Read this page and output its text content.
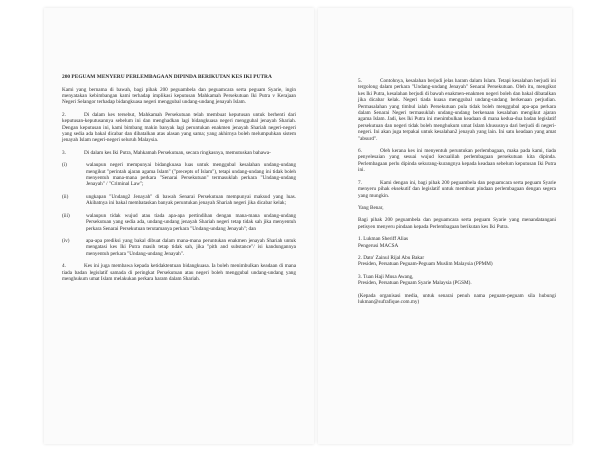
200 PEGUAM MENYERU PERLEMBAGAAN DIPINDA BERIKUTAN KES IKI PUTRA

Kami yang bernama di bawah, bagi pihak 200 peguambela dan peguamcara serta peguam Syarie, ingin menyatakan kebimbangan kami terhadap implikasi keputusan Mahkamah Persekutuan Iki Putra v Kerajaan Negeri Selangor terhadap bidangkuasa negeri menggubal undang-undang jenayah Islam.

2.	Di dalam kes tersebut, Mahkamah Persekutuan telah membuat keputusan untuk berhenti dari keputusan-keputusannya sebelum ini dan menghadkan lagi bidangkuasa negeri menggubal jenayah Shariah. Dengan keputusan ini, kami bimbang makin banyak lagi peruntukan enakmen jenayah Shariah negeri-negeri yang sedia ada bakal dicabar dan dibatalkan atas alasan yang sama; yang akhirnya boleh melumpuhkan sistem jenayah Islam negeri-negeri seluruh Malaysia.

3.	Di dalam kes Iki Putra, Mahkamah Persekutuan, secara ringkasnya, memutuskan bahawa-

(i)	walaupun negeri mempunyai bidangkuasa luas untuk menggubal kesalahan undang-undang mengikut "perintah ajaran agama Islam" ("precepts of Islam"), tetapi undang-undang ini tidak boleh menyentuh mana-mana perkara "Senarai Persekutuan" termasuklah perkara "Undang-undang Jenayah" / "Criminal Law";
(ii)	ungkapan "Undang2 Jenayah" di bawah Senarai Persekutuan mempunyai maksud yang luas. Akibatnya ini bakal membataskan banyak peruntukan jenayah Shariah negeri jika dicabar kelak;
(iii)	walaupun tidak wujud atau tiada apa-apa pertindihan dengan mana-mana undang-undang Persekutuan yang sedia ada, undang-undang jenayah Shariah negeri tetap tidak sah jika menyentuh perkara Senarai Persekutuan terutamanya perkara "Undang-undang Jenayah"; dan
(iv)	apa-apa prediksi yang bakal dibuat dalam mana-mana peruntukan enakmen jenayah Shariah untuk mengatasi kes Iki Putra masih tetap tidak sah, jika "pith and substance"/ isi kandungannya menyentuh perkara "Undang-undang Jenayah".

4.	Kes ini juga membawa kepada ketidaktentuan bidangkuasa. Ia boleh menimbulkan keadaan di mana tiada badan legislatif samada di peringkat Persekutuan atau negeri boleh menggubal undang-undang yang menghukum umat Islam melakukan perkara haram dalam Shariah.

5.	Contohnya, kesalahan berjudi jelas haram dalam Islam. Tetapi kesalahan berjudi ini tergolong dalam perkara "Undang-undang Jenayah" Senarai Persekutuan. Oleh itu, mengikut kes Iki Putra, kesalahan berjudi di bawah enakmen-enakmen negeri boleh dan bakal dibatalkan jika dicabar kelak. Negeri tiada kuasa menggubal undang-undang berkenaan perjudian. Permasalahan yang timbul ialah Persekutuan pula tidak boleh menggubal apa-apa perkara dalam Senarai Negeri termasuklah undang-undang berkenaan kesalahan mengikut ajaran agama Islam. Jadi, kes Iki Putra ini menimbulkan keadaan di mana kedua-dua badan legislatif persekutuan dan negeri tidak boleh menghukum umat Islam khususnya dari berjudi di negeri-negeri. Ini akan juga terpakai untuk kesalahan2 jenayah yang lain. Ini satu keadaan yang amat "absurd".

6.	Oleh kerana kes ini menyentuh peruntukan perlembagaan, maka pada kami, tiada penyelesaian yang sesuai wujud kecualilah perlembagaan persekutuan kita dipinda. Perlembagaan perlu dipinda sekurang-kurangnya kepada keadaan sebelum keputusan Iki Putra ini.

7.	Kami dengan ini, bagi pihak 200 peguambela dan peguamcara serta peguam Syarie menyeru pihak eksekutif dan legislatif untuk membuat pindaan perlembagaan dengan segera yang mungkin.

Yang Benar,

Bagi pihak 200 peguambela dan peguamcara serta peguam Syarie yang menandatangani petisyen menyeru pindaan kepada Perlembagaan berikutan kes Iki Putra.

1. Lukman Sheriff Alias

Pengerusi MACSA

2. Dato' Zainul Rijal Abu Bakar

Presiden, Persatuan Peguam-Peguam Muslim Malaysia (PPMM)

3. Tuan Haji Musa Awang,

Presiden, Persatuan Peguam Syarie Malaysia (PGSM).

(Kepada organisasi media, untuk senarai penuh nama peguam-peguam sila hubungi lukman@sufrafique.com.my)
